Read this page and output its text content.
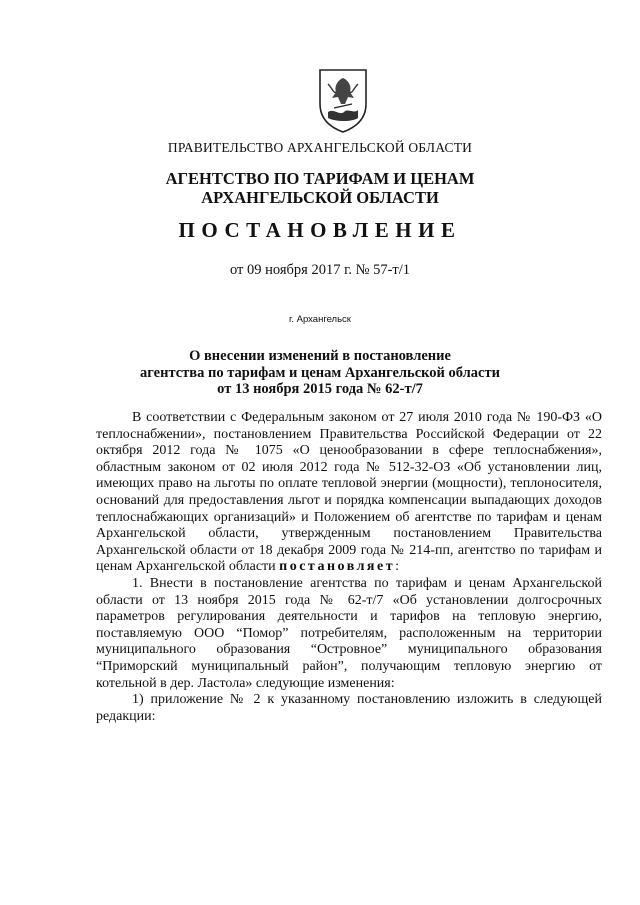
ПРАВИТЕЛЬСТВО АРХАНГЕЛЬСКОЙ ОБЛАСТИ
АГЕНТСТВО ПО ТАРИФАМ И ЦЕНАМ
АРХАНГЕЛЬСКОЙ ОБЛАСТИ
ПОСТАНОВЛЕНИЕ
от 09 ноября 2017 г. № 57-т/1
г. Архангельск
О внесении изменений в постановление
агентства по тарифам и ценам Архангельской области
от 13 ноября 2015 года № 62-т/7

В соответствии с Федеральным законом от 27 июля 2010 года № 190-ФЗ «О теплоснабжении», постановлением Правительства Российской Федерации от 22 октября 2012 года № 1075 «О ценообразовании в сфере теплоснабжения», областным законом от 02 июля 2012 года № 512-32-ОЗ «Об установлении лиц, имеющих право на льготы по оплате тепловой энергии (мощности), теплоносителя, оснований для предоставления льгот и порядка компенсации выпадающих доходов теплоснабжающих организаций» и Положением об агентстве по тарифам и ценам Архангельской области, утвержденным постановлением Правительства Архангельской области от 18 декабря 2009 года № 214-пп, агентство по тарифам и ценам Архангельской области постановляет:

1. Внести в постановление агентства по тарифам и ценам Архангельской области от 13 ноября 2015 года № 62-т/7 «Об установлении долгосрочных параметров регулирования деятельности и тарифов на тепловую энергию, поставляемую ООО “Помор” потребителям, расположенным на территории муниципального образования “Островное” муниципального образования “Приморский муниципальный район”, получающим тепловую энергию от котельной в дер. Ластола» следующие изменения:

1) приложение № 2 к указанному постановлению изложить в следующей редакции:
